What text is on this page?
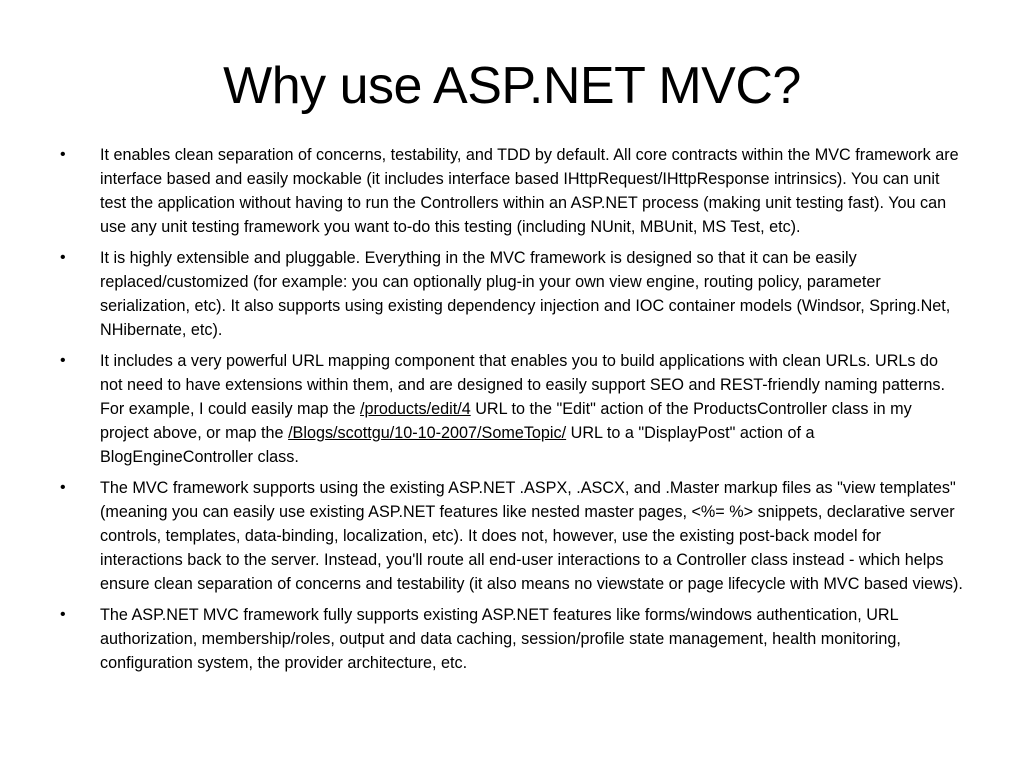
Why use ASP.NET MVC?
•	It enables clean separation of concerns, testability, and TDD by default. All core contracts within the MVC framework are interface based and easily mockable (it includes interface based IHttpRequest/IHttpResponse intrinsics). You can unit test the application without having to run the Controllers within an ASP.NET process (making unit testing fast). You can use any unit testing framework you want to-do this testing (including NUnit, MBUnit, MS Test, etc).
•	It is highly extensible and pluggable. Everything in the MVC framework is designed so that it can be easily replaced/customized (for example: you can optionally plug-in your own view engine, routing policy, parameter serialization, etc). It also supports using existing dependency injection and IOC container models (Windsor, Spring.Net, NHibernate, etc).
•	It includes a very powerful URL mapping component that enables you to build applications with clean URLs. URLs do not need to have extensions within them, and are designed to easily support SEO and REST-friendly naming patterns. For example, I could easily map the /products/edit/4 URL to the "Edit" action of the ProductsController class in my project above, or map the /Blogs/scottgu/10-10-2007/SomeTopic/ URL to a "DisplayPost" action of a BlogEngineController class.
•	The MVC framework supports using the existing ASP.NET .ASPX, .ASCX, and .Master markup files as "view templates" (meaning you can easily use existing ASP.NET features like nested master pages, <%= %> snippets, declarative server controls, templates, data-binding, localization, etc). It does not, however, use the existing post-back model for interactions back to the server. Instead, you'll route all end-user interactions to a Controller class instead - which helps ensure clean separation of concerns and testability (it also means no viewstate or page lifecycle with MVC based views).
•	The ASP.NET MVC framework fully supports existing ASP.NET features like forms/windows authentication, URL authorization, membership/roles, output and data caching, session/profile state management, health monitoring, configuration system, the provider architecture, etc.
